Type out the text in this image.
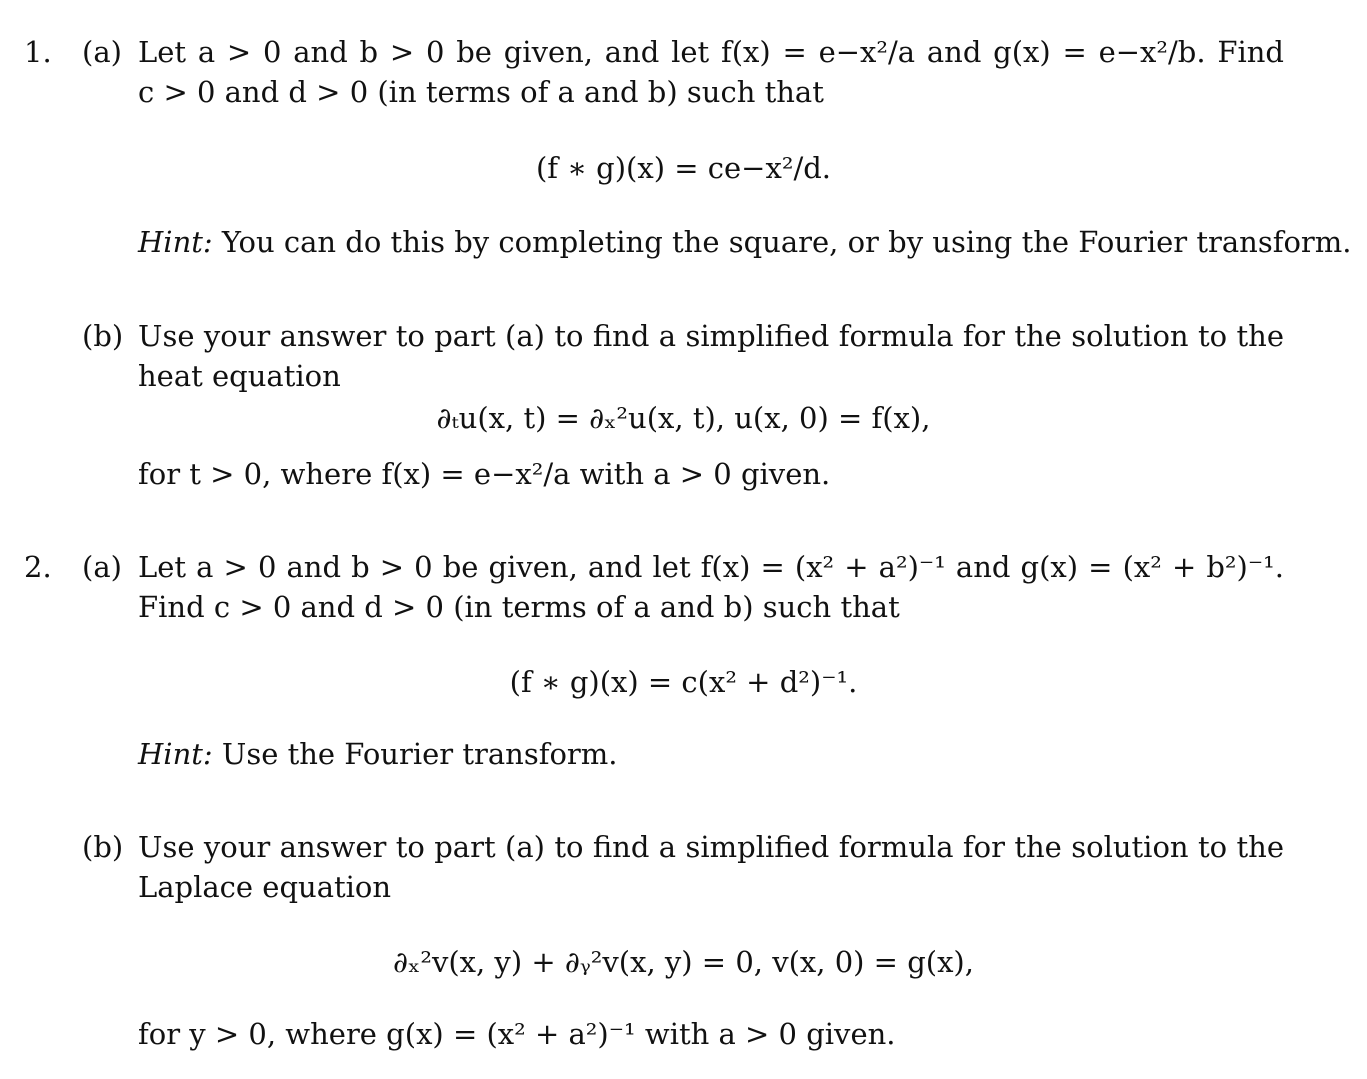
1. (a) Let a > 0 and b > 0 be given, and let f(x) = e−x²/a and g(x) = e−x²/b. Find
c > 0 and d > 0 (in terms of a and b) such that
(f ∗ g)(x) = ce−x²/d.
Hint: You can do this by completing the square, or by using the Fourier transform.
(b) Use your answer to part (a) to find a simplified formula for the solution to the
heat equation
∂ₜu(x, t) = ∂ₓ²u(x, t), u(x, 0) = f(x),
for t > 0, where f(x) = e−x²/a with a > 0 given.
2. (a) Let a > 0 and b > 0 be given, and let f(x) = (x² + a²)⁻¹ and g(x) = (x² + b²)⁻¹.
Find c > 0 and d > 0 (in terms of a and b) such that
(f ∗ g)(x) = c(x² + d²)⁻¹.
Hint: Use the Fourier transform.
(b) Use your answer to part (a) to find a simplified formula for the solution to the
Laplace equation
∂ₓ²v(x, y) + ∂ᵧ²v(x, y) = 0, v(x, 0) = g(x),
for y > 0, where g(x) = (x² + a²)⁻¹ with a > 0 given.
